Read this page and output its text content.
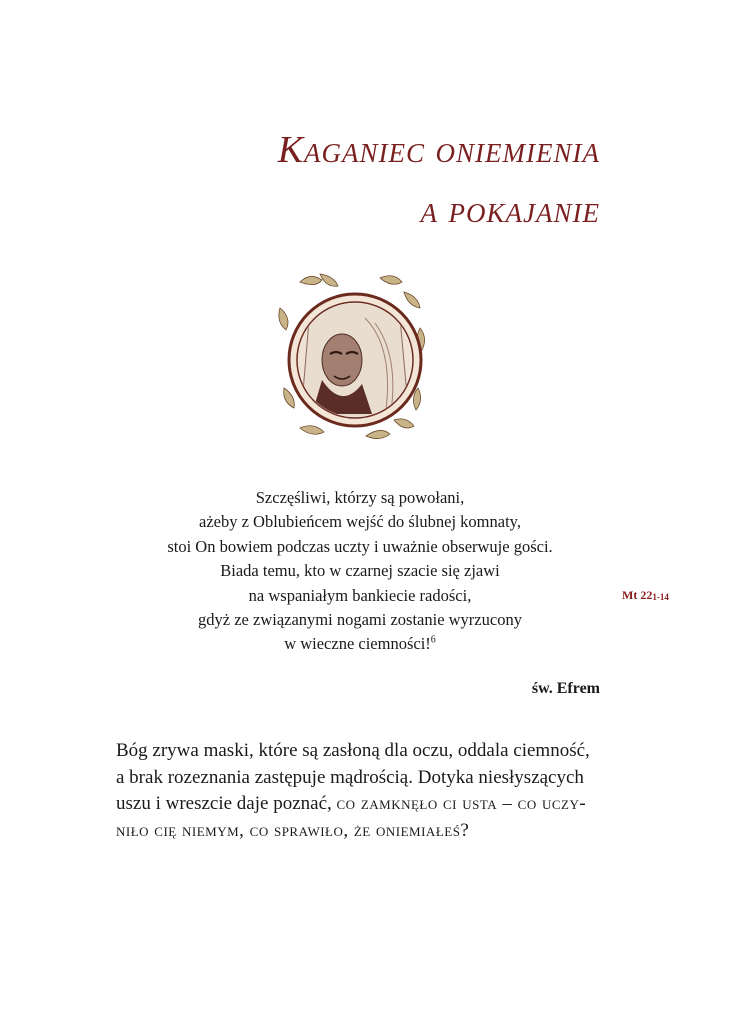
Kaganiec oniemienia
a pokajanie
Szczęśliwi, którzy są powołani,
ażeby z Oblubieńcem wejść do ślubnej komnaty,
stoi On bowiem podczas uczty i uważnie obserwuje gości.
Biada temu, kto w czarnej szacie się zjawi
na wspaniałym bankiecie radości,
gdyż ze związanymi nogami zostanie wyrzucony
w wieczne ciemności!$^6$
Mt 221-14
św. Efrem
Bóg zrywa maski, które są zasłoną dla oczu, oddala ciemność,
a brak rozeznania zastępuje mądrością. Dotyka niesłyszących
uszu i wreszcie daje poznać, co zamknęło ci usta – co uczy-
niło cię niemym, co sprawiło, że oniemiałeś?
